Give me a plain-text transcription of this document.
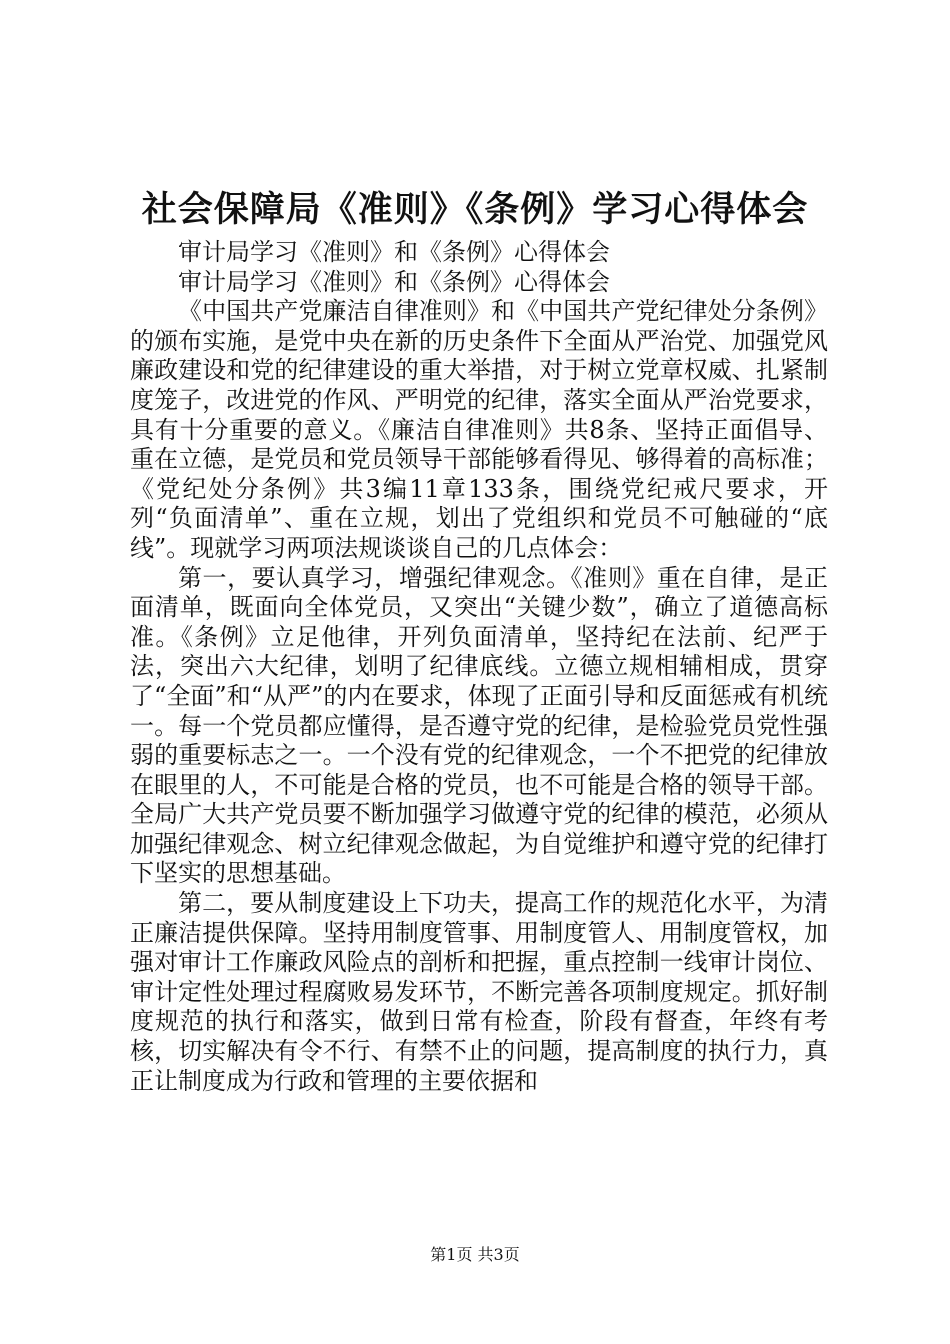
社会保障局《准则》《条例》学习心得体会

审计局学习《准则》和《条例》心得体会

审计局学习《准则》和《条例》心得体会

《中国共产党廉洁自律准则》和《中国共产党纪律处分条例》的颁布实施，是党中央在新的历史条件下全面从严治党、加强党风廉政建设和党的纪律建设的重大举措，对于树立党章权威、扎紧制度笼子，改进党的作风、严明党的纪律，落实全面从严治党要求，具有十分重要的意义。《廉洁自律准则》共8条、坚持正面倡导、重在立德，是党员和党员领导干部能够看得见、够得着的高标准；《党纪处分条例》共3编11章133条，围绕党纪戒尺要求，开列“负面清单”、重在立规，划出了党组织和党员不可触碰的“底线”。现就学习两项法规谈谈自己的几点体会：

第一，要认真学习，增强纪律观念。《准则》重在自律，是正面清单，既面向全体党员，又突出“关键少数”，确立了道德高标准。《条例》立足他律，开列负面清单，坚持纪在法前、纪严于法，突出六大纪律，划明了纪律底线。立德立规相辅相成，贯穿了“全面”和“从严”的内在要求，体现了正面引导和反面惩戒有机统一。每一个党员都应懂得，是否遵守党的纪律，是检验党员党性强弱的重要标志之一。一个没有党的纪律观念，一个不把党的纪律放在眼里的人，不可能是合格的党员，也不可能是合格的领导干部。全局广大共产党员要不断加强学习做遵守党的纪律的模范，必须从加强纪律观念、树立纪律观念做起，为自觉维护和遵守党的纪律打下坚实的思想基础。

第二，要从制度建设上下功夫，提高工作的规范化水平，为清正廉洁提供保障。坚持用制度管事、用制度管人、用制度管权，加强对审计工作廉政风险点的剖析和把握，重点控制一线审计岗位、审计定性处理过程腐败易发环节，不断完善各项制度规定。抓好制度规范的执行和落实，做到日常有检查，阶段有督查，年终有考核，切实解决有令不行、有禁不止的问题，提高制度的执行力，真正让制度成为行政和管理的主要依据和

第1页 共3页
